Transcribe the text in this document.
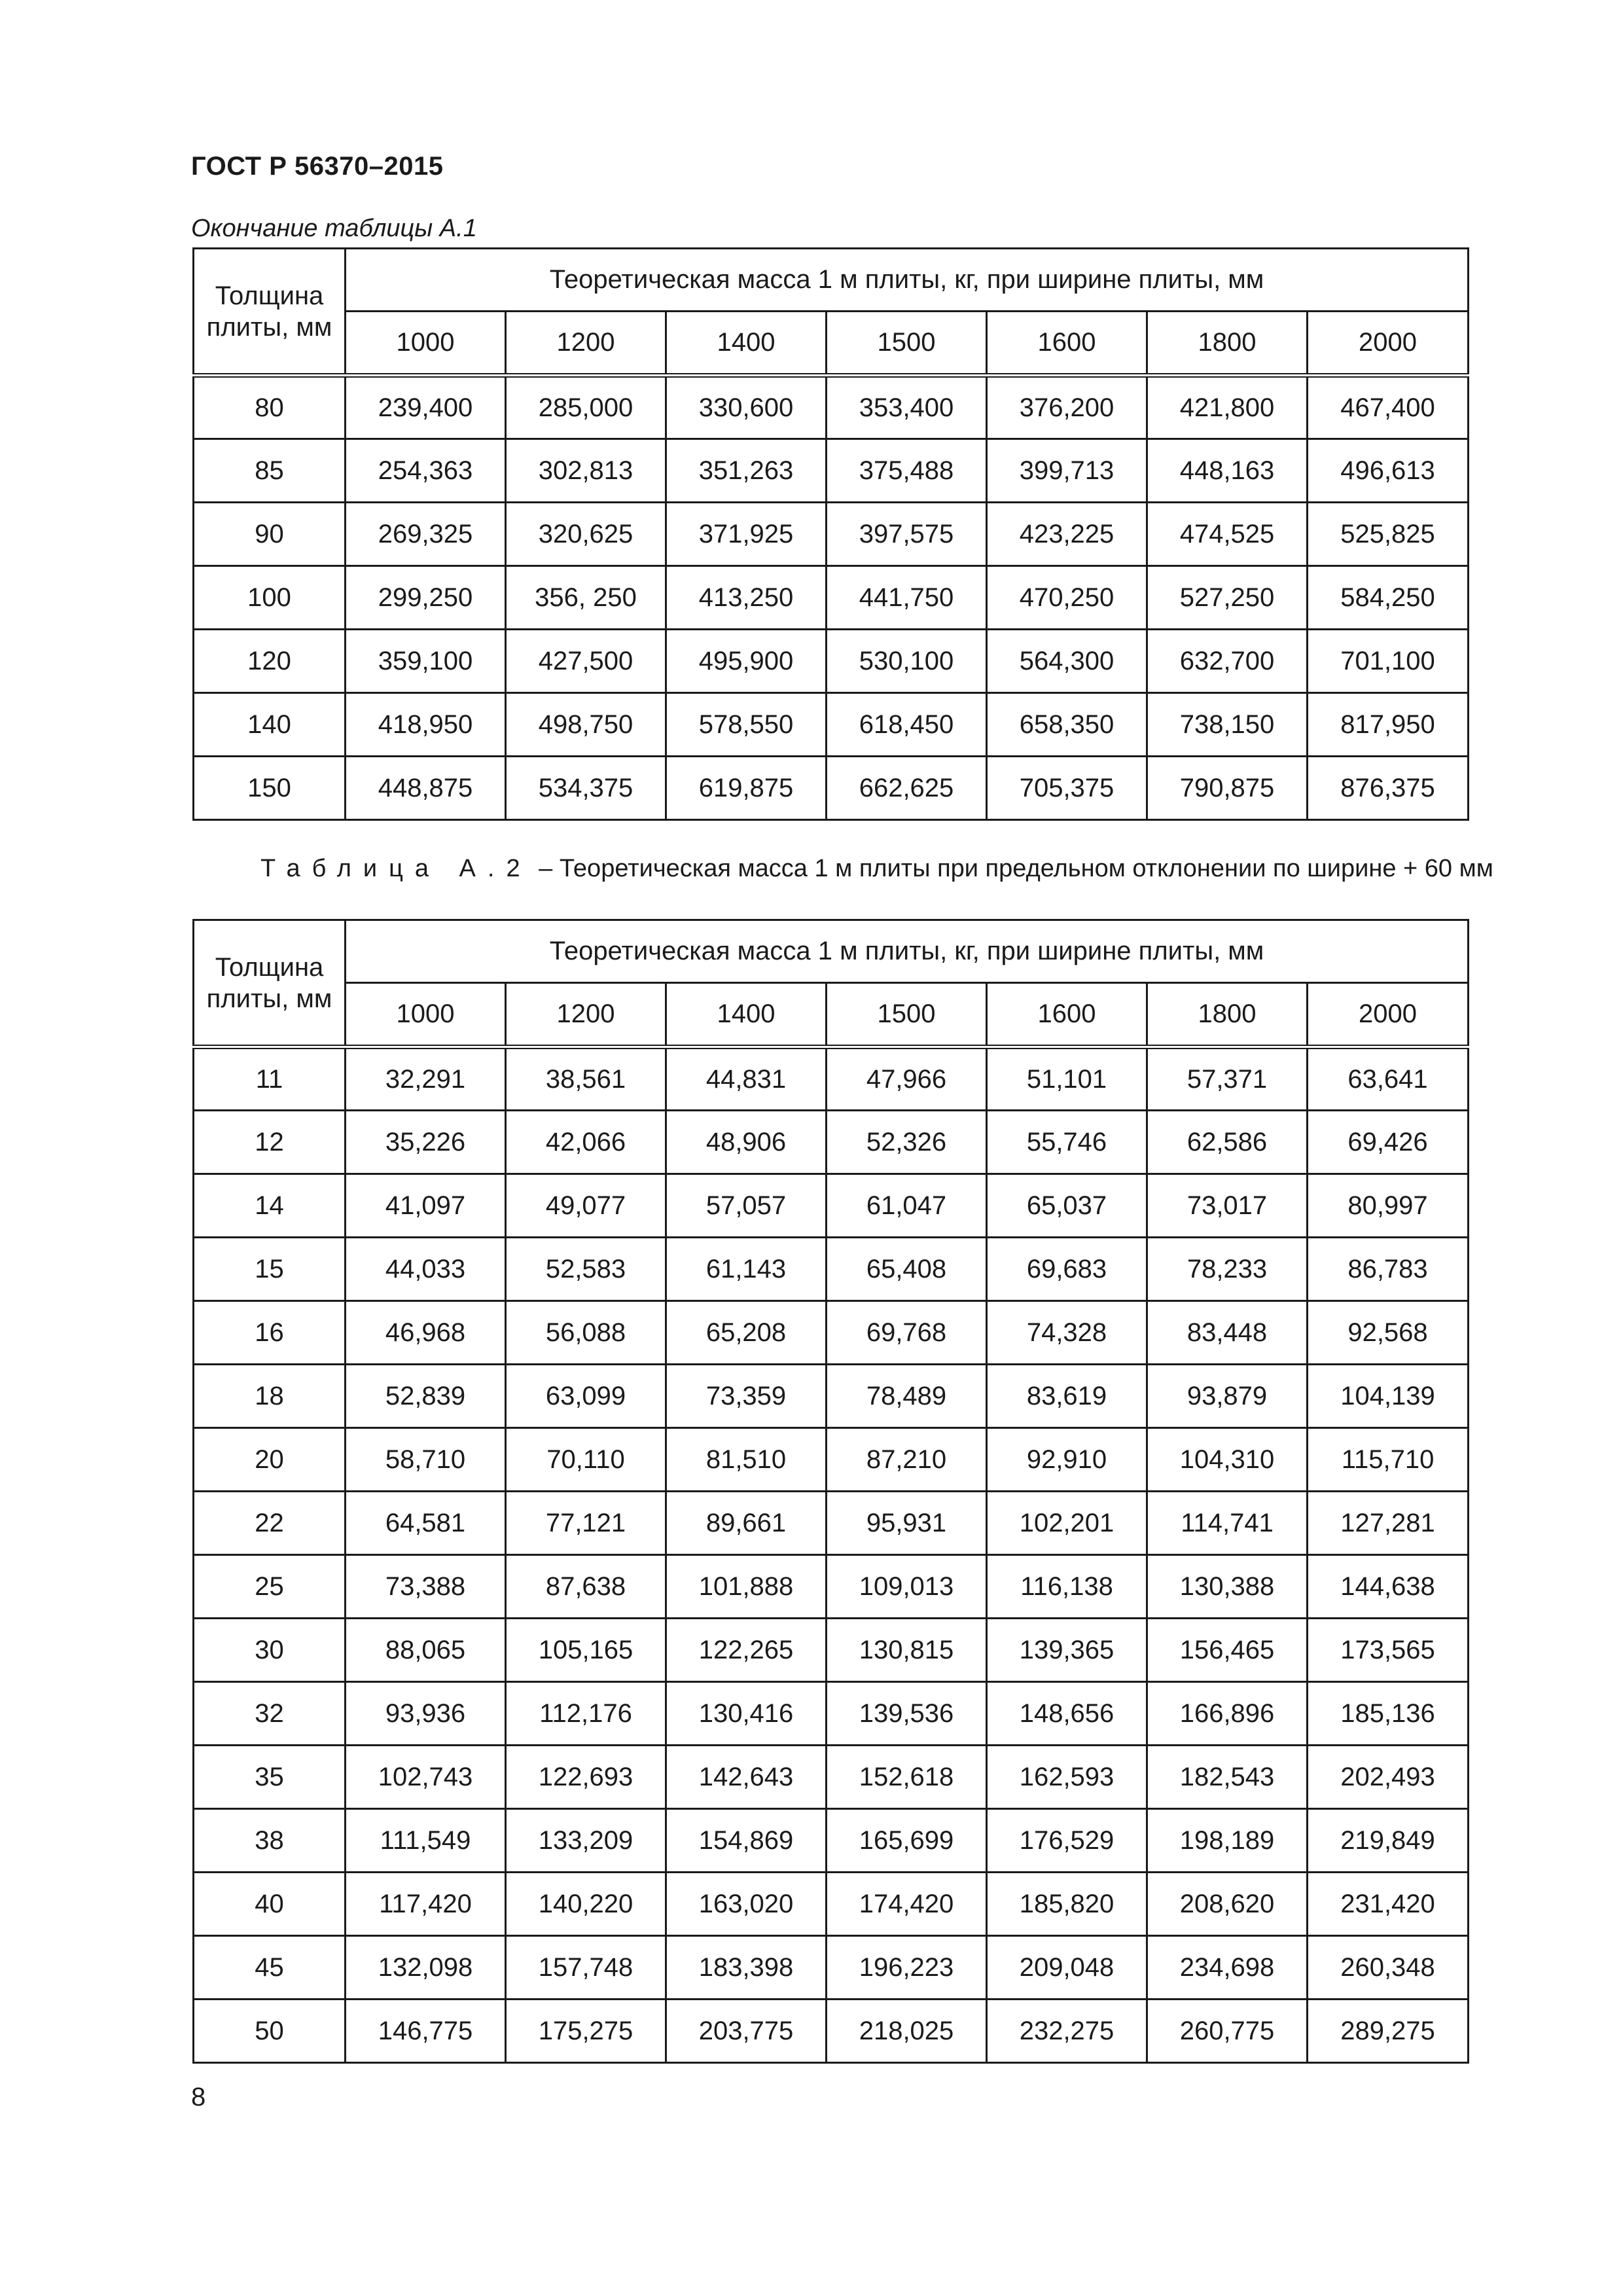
ГОСТ Р 56370–2015
Окончание таблицы А.1
Толщина плиты, мм	Теоретическая масса 1 м плиты, кг, при ширине плиты, мм						
	1000	1200	1400	1500	1600	1800	2000
80	239,400	285,000	330,600	353,400	376,200	421,800	467,400
85	254,363	302,813	351,263	375,488	399,713	448,163	496,613
90	269,325	320,625	371,925	397,575	423,225	474,525	525,825
100	299,250	356, 250	413,250	441,750	470,250	527,250	584,250
120	359,100	427,500	495,900	530,100	564,300	632,700	701,100
140	418,950	498,750	578,550	618,450	658,350	738,150	817,950
150	448,875	534,375	619,875	662,625	705,375	790,875	876,375
Таблица А.2 – Теоретическая масса 1 м плиты при предельном отклонении по ширине + 60 мм
Толщина плиты, мм	Теоретическая масса 1 м плиты, кг, при ширине плиты, мм						
	1000	1200	1400	1500	1600	1800	2000
11	32,291	38,561	44,831	47,966	51,101	57,371	63,641
12	35,226	42,066	48,906	52,326	55,746	62,586	69,426
14	41,097	49,077	57,057	61,047	65,037	73,017	80,997
15	44,033	52,583	61,143	65,408	69,683	78,233	86,783
16	46,968	56,088	65,208	69,768	74,328	83,448	92,568
18	52,839	63,099	73,359	78,489	83,619	93,879	104,139
20	58,710	70,110	81,510	87,210	92,910	104,310	115,710
22	64,581	77,121	89,661	95,931	102,201	114,741	127,281
25	73,388	87,638	101,888	109,013	116,138	130,388	144,638
30	88,065	105,165	122,265	130,815	139,365	156,465	173,565
32	93,936	112,176	130,416	139,536	148,656	166,896	185,136
35	102,743	122,693	142,643	152,618	162,593	182,543	202,493
38	111,549	133,209	154,869	165,699	176,529	198,189	219,849
40	117,420	140,220	163,020	174,420	185,820	208,620	231,420
45	132,098	157,748	183,398	196,223	209,048	234,698	260,348
50	146,775	175,275	203,775	218,025	232,275	260,775	289,275
8
